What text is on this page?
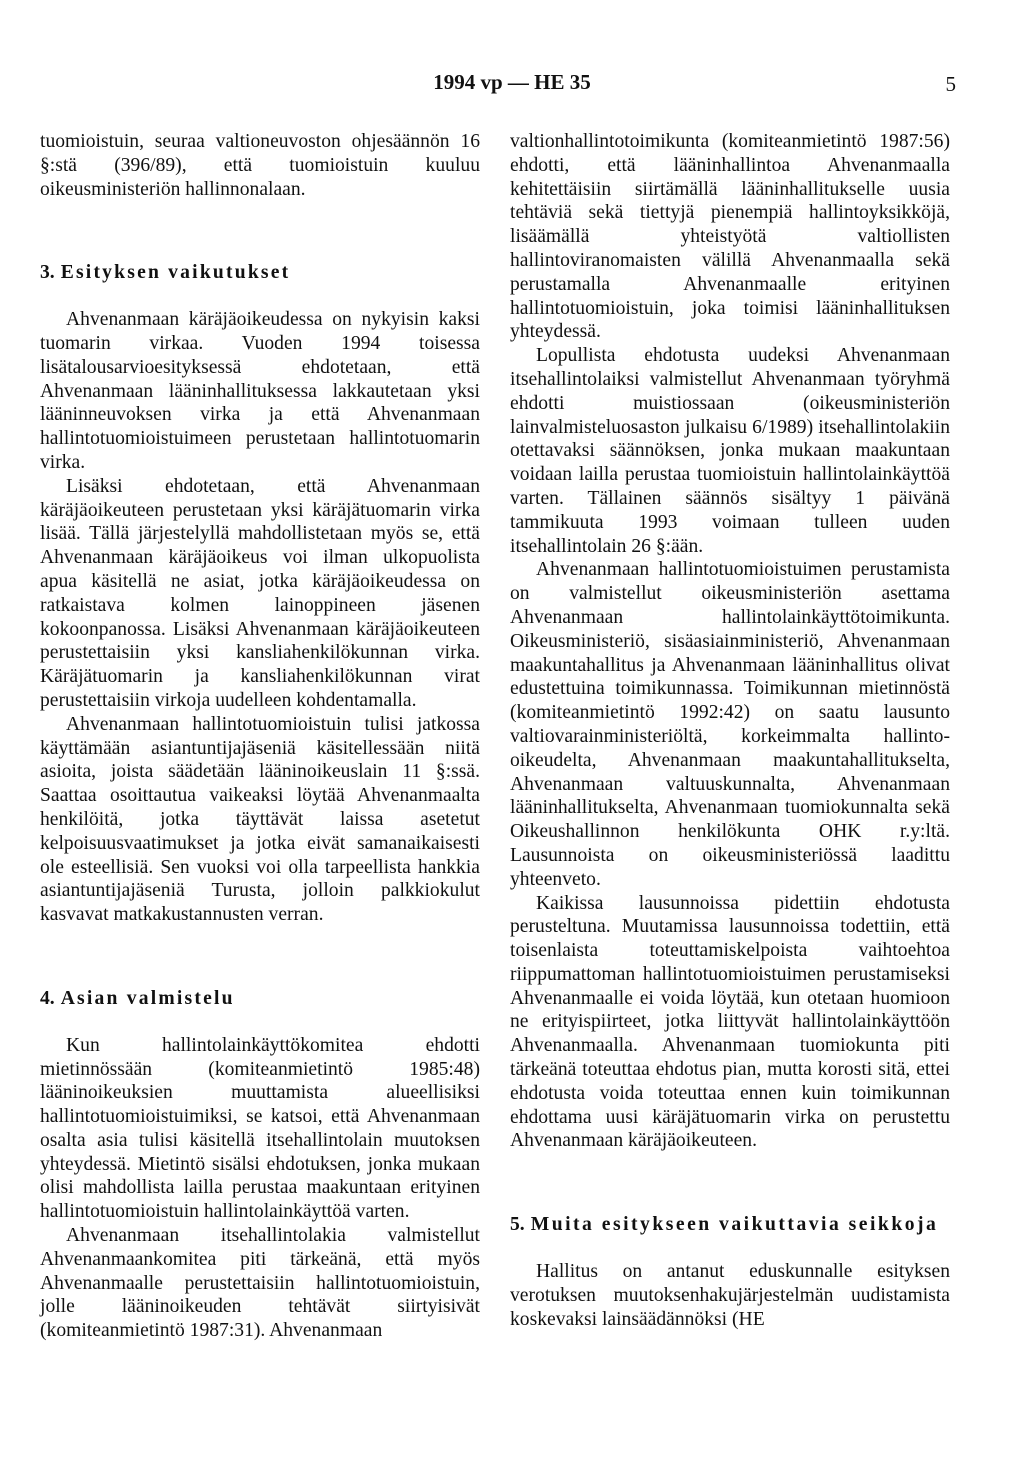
1994 vp — HE 35	5

tuomioistuin, seuraa valtioneuvoston ohjesäännön 16 §:stä (396/89), että tuomioistuin kuuluu oikeusministeriön hallinnonalaan.

3. Esityksen vaikutukset

Ahvenanmaan käräjäoikeudessa on nykyisin kaksi tuomarin virkaa. Vuoden 1994 toisessa lisätalousarvioesityksessä ehdotetaan, että Ahvenanmaan lääninhallituksessa lakkautetaan yksi lääninneuvoksen virka ja että Ahvenanmaan hallintotuomioistuimeen perustetaan hallintotuomarin virka.

Lisäksi ehdotetaan, että Ahvenanmaan käräjäoikeuteen perustetaan yksi käräjätuomarin virka lisää. Tällä järjestelyllä mahdollistetaan myös se, että Ahvenanmaan käräjäoikeus voi ilman ulkopuolista apua käsitellä ne asiat, jotka käräjäoikeudessa on ratkaistava kolmen lainoppineen jäsenen kokoonpanossa. Lisäksi Ahvenanmaan käräjäoikeuteen perustettaisiin yksi kansliahenkilökunnan virka. Käräjätuomarin ja kansliahenkilökunnan virat perustettaisiin virkoja uudelleen kohdentamalla.

Ahvenanmaan hallintotuomioistuin tulisi jatkossa käyttämään asiantuntijajäseniä käsitellessään niitä asioita, joista säädetään lääninoikeuslain 11 §:ssä. Saattaa osoittautua vaikeaksi löytää Ahvenanmaalta henkilöitä, jotka täyttävät laissa asetetut kelpoisuusvaatimukset ja jotka eivät samanaikaisesti ole esteellisiä. Sen vuoksi voi olla tarpeellista hankkia asiantuntijajäseniä Turusta, jolloin palkkiokulut kasvavat matkakustannusten verran.

4. Asian valmistelu

Kun hallintolainkäyttökomitea ehdotti mietinnössään (komiteanmietintö 1985:48) lääninoikeuksien muuttamista alueellisiksi hallintotuomioistuimiksi, se katsoi, että Ahvenanmaan osalta asia tulisi käsitellä itsehallintolain muutoksen yhteydessä. Mietintö sisälsi ehdotuksen, jonka mukaan olisi mahdollista lailla perustaa maakuntaan erityinen hallintotuomioistuin hallintolainkäyttöä varten.

Ahvenanmaan itsehallintolakia valmistellut Ahvenanmaankomitea piti tärkeänä, että myös Ahvenanmaalle perustettaisiin hallintotuomioistuin, jolle lääninoikeuden tehtävät siirtyisivät (komiteanmietintö 1987:31). Ahvenanmaan

valtionhallintotoimikunta (komiteanmietintö 1987:56) ehdotti, että lääninhallintoa Ahvenanmaalla kehitettäisiin siirtämällä lääninhallitukselle uusia tehtäviä sekä tiettyjä pienempiä hallintoyksikköjä, lisäämällä yhteistyötä valtiollisten hallintoviranomaisten välillä Ahvenanmaalla sekä perustamalla Ahvenanmaalle erityinen hallintotuomioistuin, joka toimisi lääninhallituksen yhteydessä.

Lopullista ehdotusta uudeksi Ahvenanmaan itsehallintolaiksi valmistellut Ahvenanmaan työryhmä ehdotti muistiossaan (oikeusministeriön lainvalmisteluosaston julkaisu 6/1989) itsehallintolakiin otettavaksi säännöksen, jonka mukaan maakuntaan voidaan lailla perustaa tuomioistuin hallintolainkäyttöä varten. Tällainen säännös sisältyy 1 päivänä tammikuuta 1993 voimaan tulleen uuden itsehallintolain 26 §:ään.

Ahvenanmaan hallintotuomioistuimen perustamista on valmistellut oikeusministeriön asettama Ahvenanmaan hallintolainkäyttötoimikunta. Oikeusministeriö, sisäasiainministeriö, Ahvenanmaan maakuntahallitus ja Ahvenanmaan lääninhallitus olivat edustettuina toimikunnassa. Toimikunnan mietinnöstä (komiteanmietintö 1992:42) on saatu lausunto valtiovarainministeriöltä, korkeimmalta hallinto-oikeudelta, Ahvenanmaan maakuntahallitukselta, Ahvenanmaan valtuuskunnalta, Ahvenanmaan lääninhallitukselta, Ahvenanmaan tuomiokunnalta sekä Oikeushallinnon henkilökunta OHK r.y:ltä. Lausunnoista on oikeusministeriössä laadittu yhteenveto.

Kaikissa lausunnoissa pidettiin ehdotusta perusteltuna. Muutamissa lausunnoissa todettiin, että toisenlaista toteuttamiskelpoista vaihtoehtoa riippumattoman hallintotuomioistuimen perustamiseksi Ahvenanmaalle ei voida löytää, kun otetaan huomioon ne erityispiirteet, jotka liittyvät hallintolainkäyttöön Ahvenanmaalla. Ahvenanmaan tuomiokunta piti tärkeänä toteuttaa ehdotus pian, mutta korosti sitä, ettei ehdotusta voida toteuttaa ennen kuin toimikunnan ehdottama uusi käräjätuomarin virka on perustettu Ahvenanmaan käräjäoikeuteen.

5. Muita esitykseen vaikuttavia seikkoja

Hallitus on antanut eduskunnalle esityksen verotuksen muutoksenhakujärjestelmän uudistamista koskevaksi lainsäädännöksi (HE
